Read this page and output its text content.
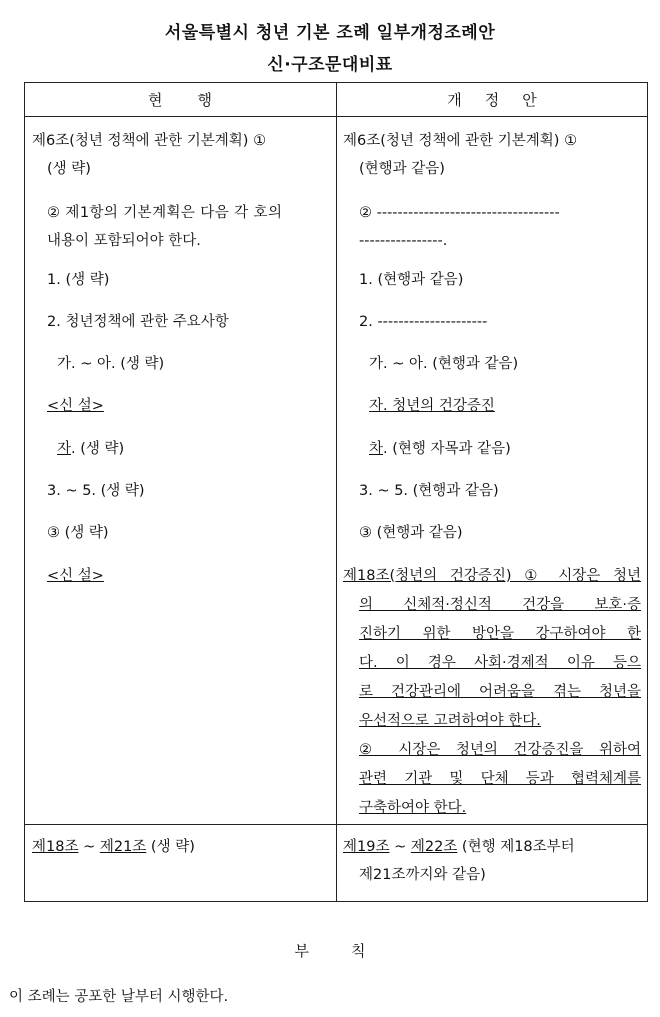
서울특별시 청년 기본 조례 일부개정조례안
신·구조문대비표
현 행	개 정 안
제6조(청년 정책에 관한 기본계획) ①
(생 략)
② 제1항의 기본계획은 다음 각 호의
내용이 포함되어야 한다.
1. (생 략)
2. 청년정책에 관한 주요사항
가. ~ 아. (생 략)
<신 설>
자. (생 략)
3. ~ 5. (생 략)
③ (생 략)
<신 설>
제18조 ~ 제21조 (생 략)
제6조(청년 정책에 관한 기본계획) ①
(현행과 같음)
② -----------------------------------
----------------.
1. (현행과 같음)
2. ---------------------
가. ~ 아. (현행과 같음)
자. 청년의 건강증진
차. (현행 자목과 같음)
3. ~ 5. (현행과 같음)
③ (현행과 같음)
제18조(청년의 건강증진) ① 시장은 청년
의 신체적·정신적 건강을 보호·증
진하기 위한 방안을 강구하여야 한
다. 이 경우 사회·경제적 이유 등으
로 건강관리에 어려움을 겪는 청년을
우선적으로 고려하여야 한다.
② 시장은 청년의 건강증진을 위하여
관련 기관 및 단체 등과 협력체계를
구축하여야 한다.
제19조 ~ 제22조 (현행 제18조부터
제21조까지와 같음)
부	칙
이 조례는 공포한 날부터 시행한다.
